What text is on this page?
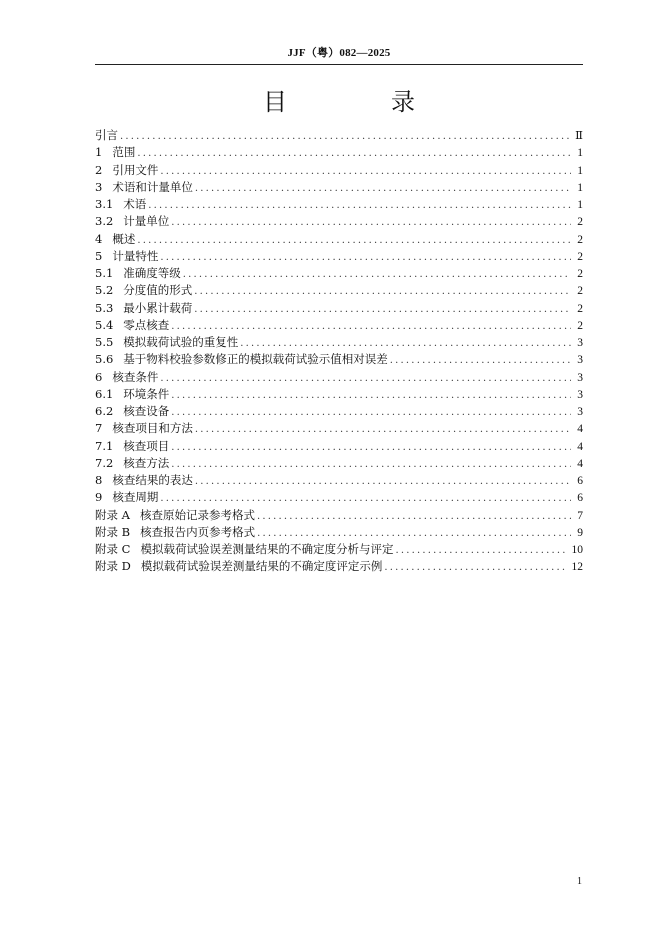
JJF（粤）082—2025
目　录
引言 .....	Ⅱ
1 范围 .....	1
2 引用文件 .....	1
3 术语和计量单位 .....	1
3.1 术语 .....	1
3.2 计量单位 .....	2
4 概述 .....	2
5 计量特性 .....	2
5.1 准确度等级 .....	2
5.2 分度值的形式 .....	2
5.3 最小累计载荷 .....	2
5.4 零点核查 .....	2
5.5 模拟载荷试验的重复性 .....	3
5.6 基于物料校验参数修正的模拟载荷试验示值相对误差 .....	3
6 核查条件 .....	3
6.1 环境条件 .....	3
6.2 核查设备 .....	3
7 核查项目和方法 .....	4
7.1 核查项目 .....	4
7.2 核查方法 .....	4
8 核查结果的表达 .....	6
9 核查周期 .....	6
附录 A 核查原始记录参考格式 .....	7
附录 B 核查报告内页参考格式 .....	9
附录 C 模拟载荷试验误差测量结果的不确定度分析与评定 .....	10
附录 D 模拟载荷试验误差测量结果的不确定度评定示例 .....	12
1
